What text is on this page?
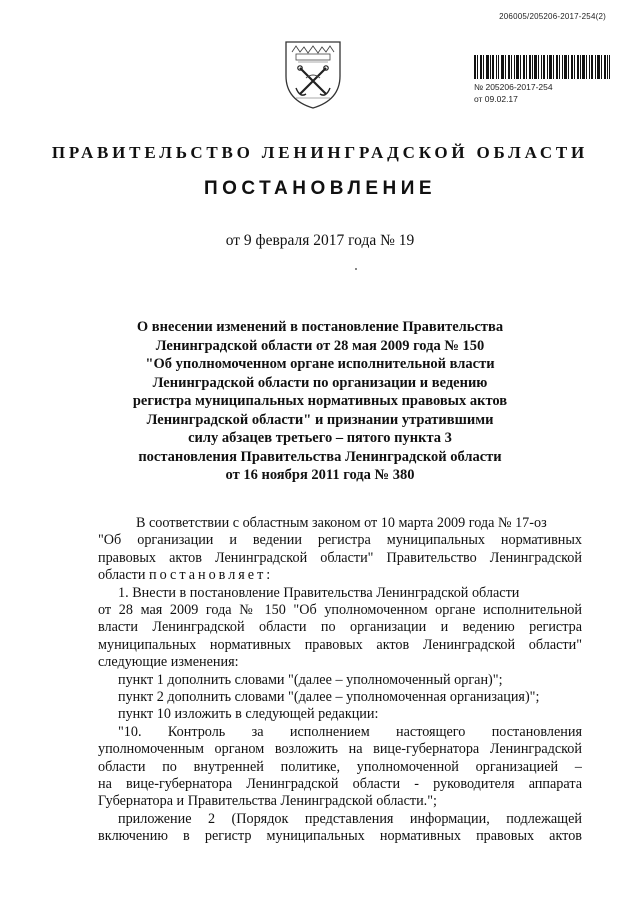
206005/205206-2017-254(2)
№ 205206-2017-254
от 09.02.17
ПРАВИТЕЛЬСТВО ЛЕНИНГРАДСКОЙ ОБЛАСТИ
ПОСТАНОВЛЕНИЕ
от 9 февраля 2017 года № 19
О внесении изменений в постановление Правительства
Ленинградской области от 28 мая 2009 года № 150
"Об уполномоченном органе исполнительной власти
Ленинградской области по организации и ведению
регистра муниципальных нормативных правовых актов
Ленинградской области" и признании утратившими
силу абзацев третьего – пятого пункта 3
постановления Правительства Ленинградской области
от 16 ноября 2011 года № 380
В соответствии с областным законом от 10 марта 2009 года № 17-оз
"Об организации и ведении регистра муниципальных нормативных
правовых актов Ленинградской области" Правительство Ленинградской
области постановляет:
1. Внести в постановление Правительства Ленинградской области
от 28 мая 2009 года № 150 "Об уполномоченном органе исполнительной
власти Ленинградской области по организации и ведению регистра
муниципальных нормативных правовых актов Ленинградской области"
следующие изменения:
пункт 1 дополнить словами "(далее – уполномоченный орган)";
пункт 2 дополнить словами "(далее – уполномоченная организация)";
пункт 10 изложить в следующей редакции:
"10. Контроль за исполнением настоящего постановления
уполномоченным органом возложить на вице-губернатора Ленинградской
области по внутренней политике, уполномоченной организацией –
на вице-губернатора Ленинградской области - руководителя аппарата
Губернатора и Правительства Ленинградской области.";
приложение 2 (Порядок представления информации, подлежащей
включению в регистр муниципальных нормативных правовых актов
